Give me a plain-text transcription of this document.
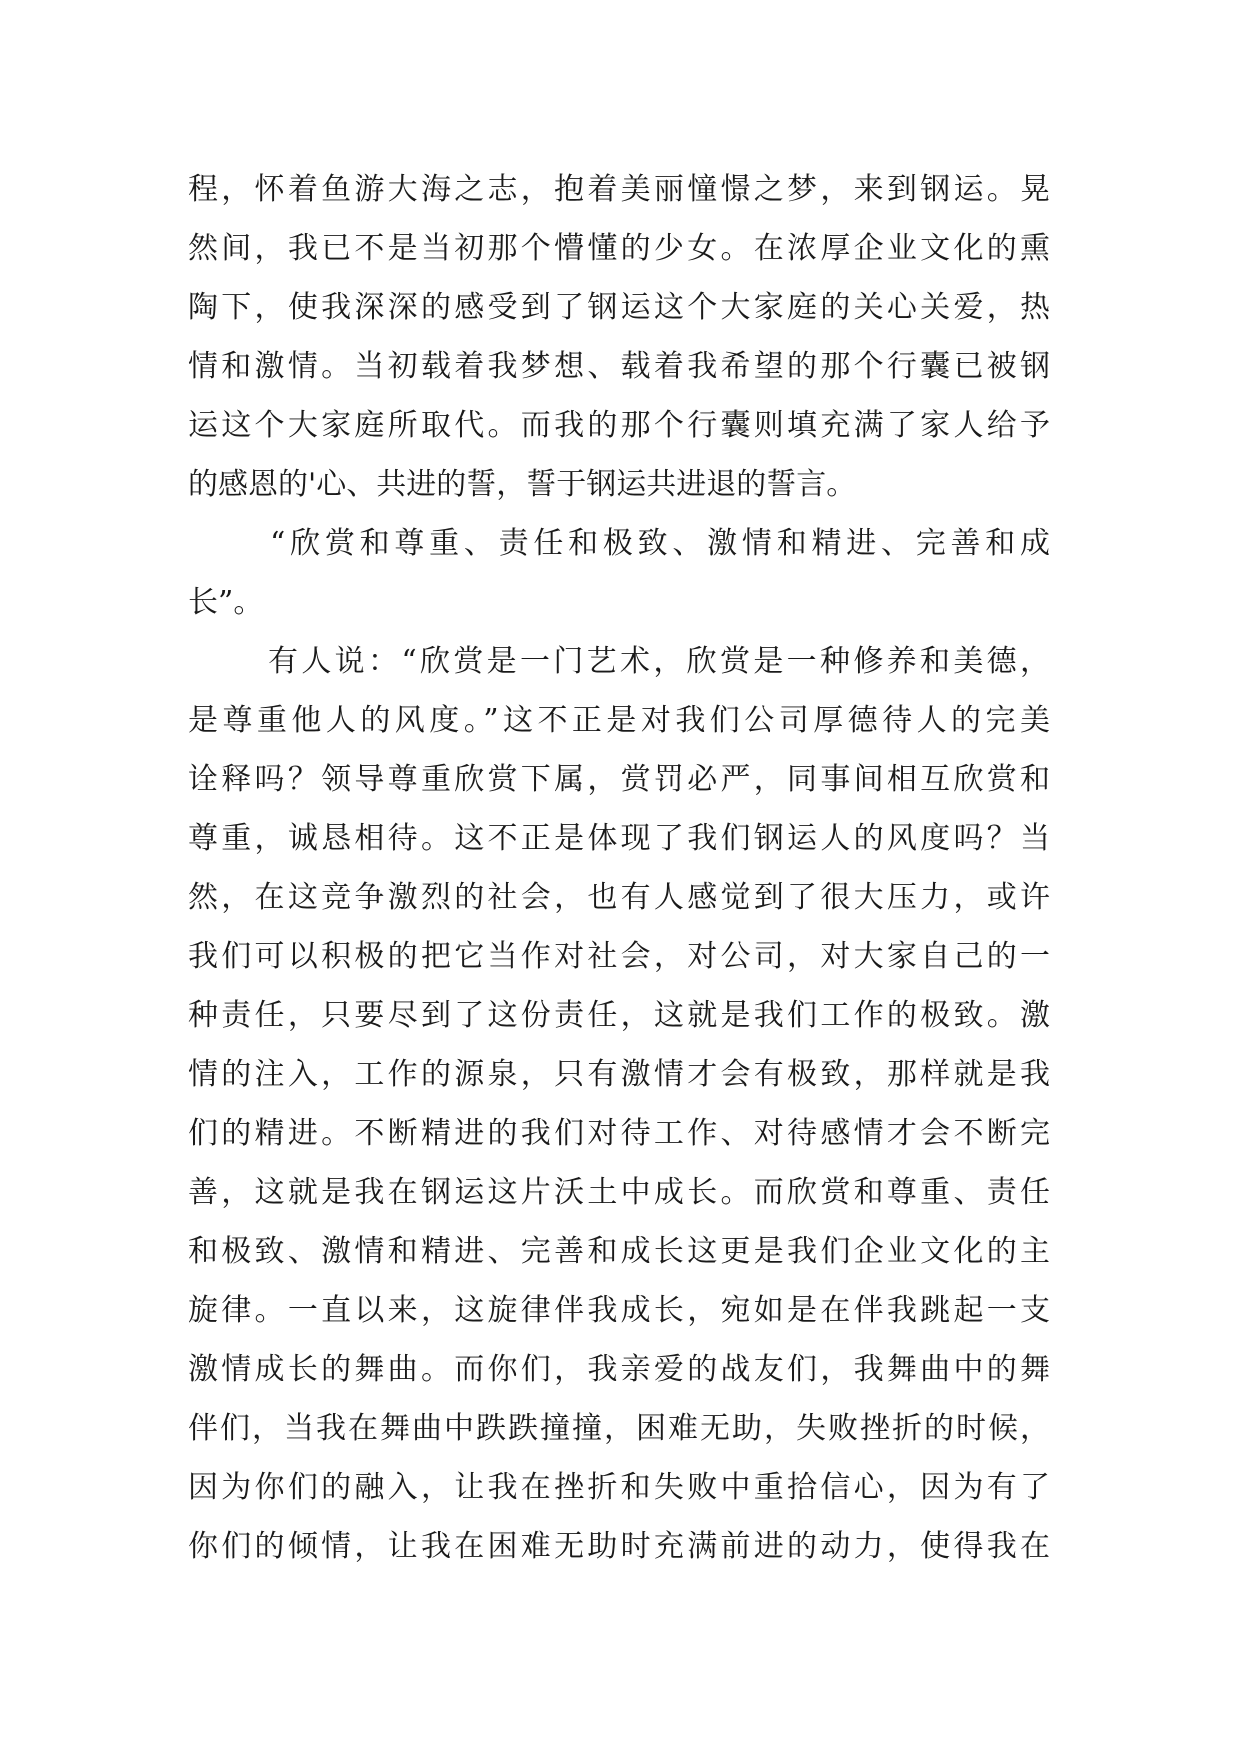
程，怀着鱼游大海之志，抱着美丽憧憬之梦，来到钢运。晃
然间，我已不是当初那个懵懂的少女。在浓厚企业文化的熏
陶下，使我深深的感受到了钢运这个大家庭的关心关爱，热
情和激情。当初载着我梦想、载着我希望的那个行囊已被钢
运这个大家庭所取代。而我的那个行囊则填充满了家人给予
的感恩的'心、共进的誓，誓于钢运共进退的誓言。
“欣赏和尊重、责任和极致、激情和精进、完善和成
长”。
有人说：“欣赏是一门艺术，欣赏是一种修养和美德，
是尊重他人的风度。”这不正是对我们公司厚德待人的完美
诠释吗？领导尊重欣赏下属，赏罚必严，同事间相互欣赏和
尊重，诚恳相待。这不正是体现了我们钢运人的风度吗？当
然，在这竞争激烈的社会，也有人感觉到了很大压力，或许
我们可以积极的把它当作对社会，对公司，对大家自己的一
种责任，只要尽到了这份责任，这就是我们工作的极致。激
情的注入，工作的源泉，只有激情才会有极致，那样就是我
们的精进。不断精进的我们对待工作、对待感情才会不断完
善，这就是我在钢运这片沃土中成长。而欣赏和尊重、责任
和极致、激情和精进、完善和成长这更是我们企业文化的主
旋律。一直以来，这旋律伴我成长，宛如是在伴我跳起一支
激情成长的舞曲。而你们，我亲爱的战友们，我舞曲中的舞
伴们，当我在舞曲中跌跌撞撞，困难无助，失败挫折的时候，
因为你们的融入，让我在挫折和失败中重拾信心，因为有了
你们的倾情，让我在困难无助时充满前进的动力，使得我在
